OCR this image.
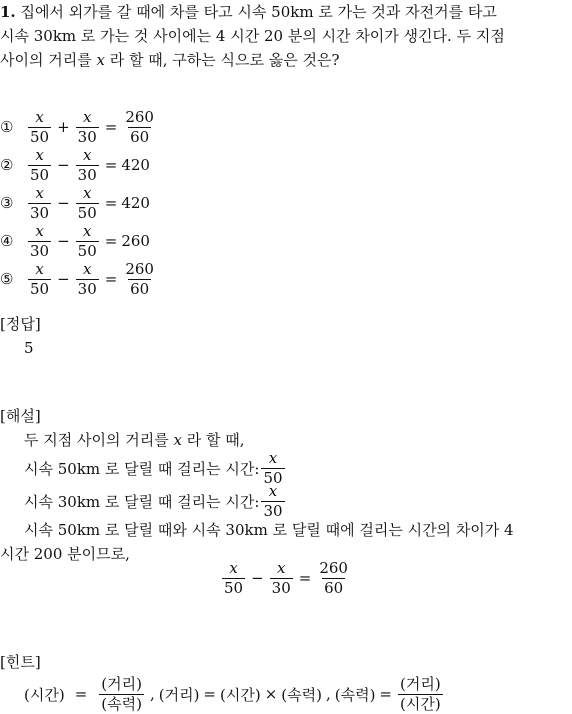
1. 집에서 외가를 갈 때에 차를 타고 시속 50km 로 가는 것과 자전거를 타고
시속 30km 로 가는 것 사이에는 4 시간 20 분의 시간 차이가 생긴다. 두 지점
사이의 거리를 x 라 할 때, 구하는 식으로 옳은 것은?
① $\frac{x}{50} + \frac{x}{30} = \frac{260}{60}$
② $\frac{x}{50} - \frac{x}{30} = 420$
③ $\frac{x}{30} - \frac{x}{50} = 420$
④ $\frac{x}{30} - \frac{x}{50} = 260$
⑤ $\frac{x}{50} - \frac{x}{30} = \frac{260}{60}$
[정답]
5
[해설]
두 지점 사이의 거리를 x 라 할 때,
시속 50km 로 달릴 때 걸리는 시간: $\frac{x}{50}$
시속 30km 로 달릴 때 걸리는 시간: $\frac{x}{30}$
시속 50km 로 달릴 때와 시속 30km 로 달릴 때에 걸리는 시간의 차이가 4
시간 200 분이므로,
$\frac{x}{50} - \frac{x}{30} = \frac{260}{60}$
[힌트]
(시간) = $\frac{\text{(거리)}}{\text{(속력)}}$ , (거리) = (시간) × (속력) , (속력) = $\frac{\text{(거리)}}{\text{(시간)}}$
